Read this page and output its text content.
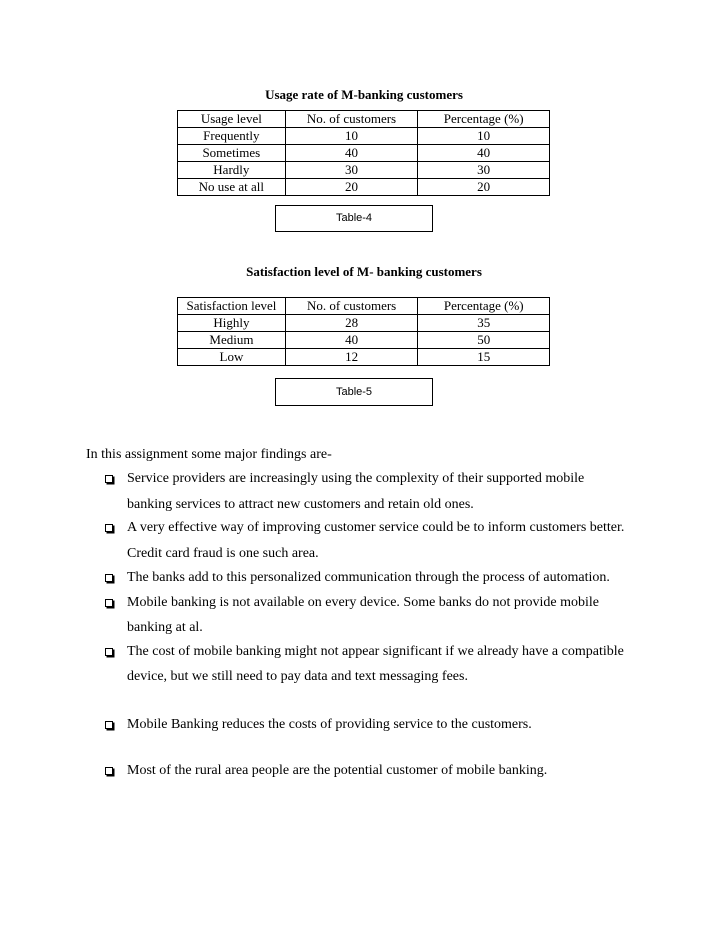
Usage rate of M-banking customers
Usage level	No. of customers	Percentage (%)
Frequently	10	10
Sometimes	40	40
Hardly	30	30
No use at all	20	20
Table-4
Satisfaction level of M- banking customers
Satisfaction level	No. of customers	Percentage (%)
Highly	28	35
Medium	40	50
Low	12	15
Table-5
In this assignment some major findings are-
Service providers are increasingly using the complexity of their supported mobile
banking services to attract new customers and retain old ones.
A very effective way of improving customer service could be to inform customers better.
Credit card fraud is one such area.
The banks add to this personalized communication through the process of automation.
Mobile banking is not available on every device. Some banks do not provide mobile
banking at al.
The cost of mobile banking might not appear significant if we already have a compatible
device, but we still need to pay data and text messaging fees.
Mobile Banking reduces the costs of providing service to the customers.
Most of the rural area people are the potential customer of mobile banking.
